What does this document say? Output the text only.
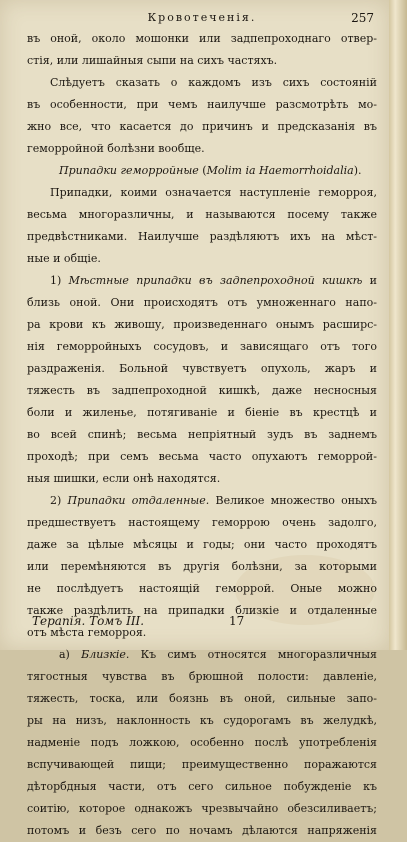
Кровотеченія.	257
въ оной, около мошонки или задпепроходнаго отвер-
стія, или лишайныя сыпи на сихъ частяхъ.
Слѣдуетъ сказать о каждомъ изъ сихъ состояній
въ особенности, при чемъ наилучше разсмотрѣть мо-
жно все, что касается до причинъ и предсказанія въ
геморройной болѣзни вообще.
Припадки геморройные (Molim ia Haemorrhoidalia).
Припадки, коими означается наступленіе геморроя,
весьма многоразличны, и называются посему также
предвѣстниками. Наилучше раздѣляютъ ихъ на мѣст-
ные и общіе.
1) Мѣстные припадки въ задпепроходной кишкѣ и
близь оной. Они происходятъ отъ умноженнаго напо-
ра крови къ живошу, произведеннаго онымъ расширс-
нія геморройныхъ сосудовъ, и зависящаго отъ того
раздраженія. Больной чувствуетъ опухоль, жаръ и
тяжесть въ задпепроходной кишкѣ, даже несносныя
боли и жиленье, потягиваніе и біеніе въ крестцѣ и
во всей спинѣ; весьма непріятный зудъ въ заднемъ
проходѣ; при семъ весьма часто опухаютъ геморрой-
ныя шишки, если онѣ находятся.
2) Припадки отдаленные. Великое множество оныхъ
предшествуетъ настоящему геморрою очень задолго,
даже за цѣлые мѣсяцы и годы; они часто проходятъ
или перемѣняются въ другія болѣзни, за которыми
не послѣдуетъ настоящій геморрой. Оные можно
также раздѣлить на припадки близкіе и отдаленные
отъ мѣста геморроя.
a) Близкіе. Къ симъ относятся многоразличныя
тягостныя чувства въ брюшной полости: давленіе,
тяжесть, тоска, или боязнь въ оной, сильные запо-
ры на низъ, наклонность къ судорогамъ въ желудкѣ,
надменіе подъ ложкою, особенно послѣ употребленія
вспучивающей пищи; преимущественно поражаются
дѣторбдныя части, отъ сего сильное побужденіе къ
соитію, которое однакожъ чрезвычайно обезсиливаетъ;
потомъ и безъ сего по ночамъ дѣлаются напряженія
Терапія. Томъ III.	17
